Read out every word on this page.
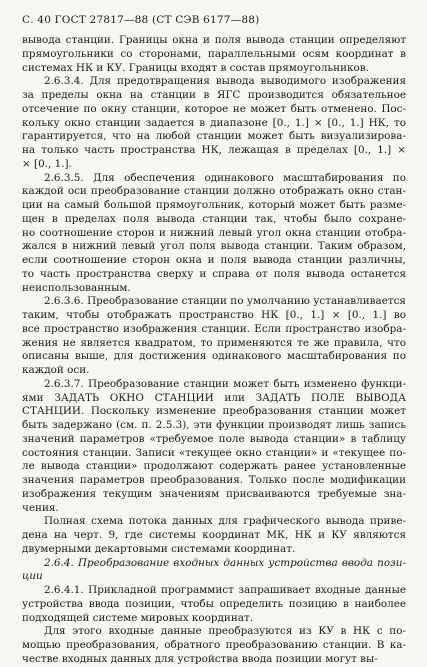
С. 40 ГОСТ 27817—88 (СТ СЭВ 6177—88)
вывода станции. Границы окна и поля вывода станции определяют
прямоугольники со сторонами, параллельными осям координат в
системах НК и КУ. Границы входят в состав прямоугольников.
2.6.3.4. Для предотвращения вывода выводимого изображения
за пределы окна на станции в ЯГС производится обязательное
отсечение по окну станции, которое не может быть отменено. Пос-
кольку окно станции задается в диапазоне [0., 1.] × [0., 1.] НК, то
гарантируется, что на любой станции может быть визуализирова-
на только часть пространства НК, лежащая в пределах [0., 1.] ×
× [0., 1.].
2.6.3.5. Для обеспечения одинакового масштабирования по
каждой оси преобразование станции должно отображать окно стан-
ции на самый большой прямоугольник, который может быть разме-
щен в пределах поля вывода станции так, чтобы было сохране-
но соотношение сторон и нижний левый угол окна станции отобра-
жался в нижний левый угол поля вывода станции. Таким образом,
если соотношение сторон окна и поля вывода станции различны,
то часть пространства сверху и справа от поля вывода останется
неиспользованным.
2.6.3.6. Преобразование станции по умолчанию устанавливается
таким, чтобы отображать пространство НК [0., 1.] × [0., 1.] во
все пространство изображения станции. Если пространство изобра-
жения не является квадратом, то применяются те же правила, что
описаны выше, для достижения одинакового масштабирования по
каждой оси.
2.6.3.7. Преобразование станции может быть изменено функци-
ями ЗАДАТЬ ОКНО СТАНЦИИ или ЗАДАТЬ ПОЛЕ ВЫВОДА
СТАНЦИИ. Поскольку изменение преобразования станции может
быть задержано (см. п. 2.5.3), эти функции производят лишь запись
значений параметров «требуемое поле вывода станции» в таблицу
состояния станции. Записи «текущее окно станции» и «текущее по-
ле вывода станции» продолжают содержать ранее установленные
значения параметров преобразования. Только после модификации
изображения текущим значениям присваиваются требуемые зна-
чения.
Полная схема потока данных для графического вывода приве-
дена на черт. 9, где системы координат МК, НК и КУ являются
двумерными декартовыми системами координат.
2.6.4. Преобразование входных данных устройства ввода пози-
ции
2.6.4.1. Прикладной программист запрашивает входные данные
устройства ввода позиции, чтобы определить позицию в наиболее
подходящей системе мировых координат.
Для этого входные данные преобразуются из КУ в НК с по-
мощью преобразования, обратного преобразованию станции. В ка-
честве входных данных для устройства ввода позиции могут вы-
